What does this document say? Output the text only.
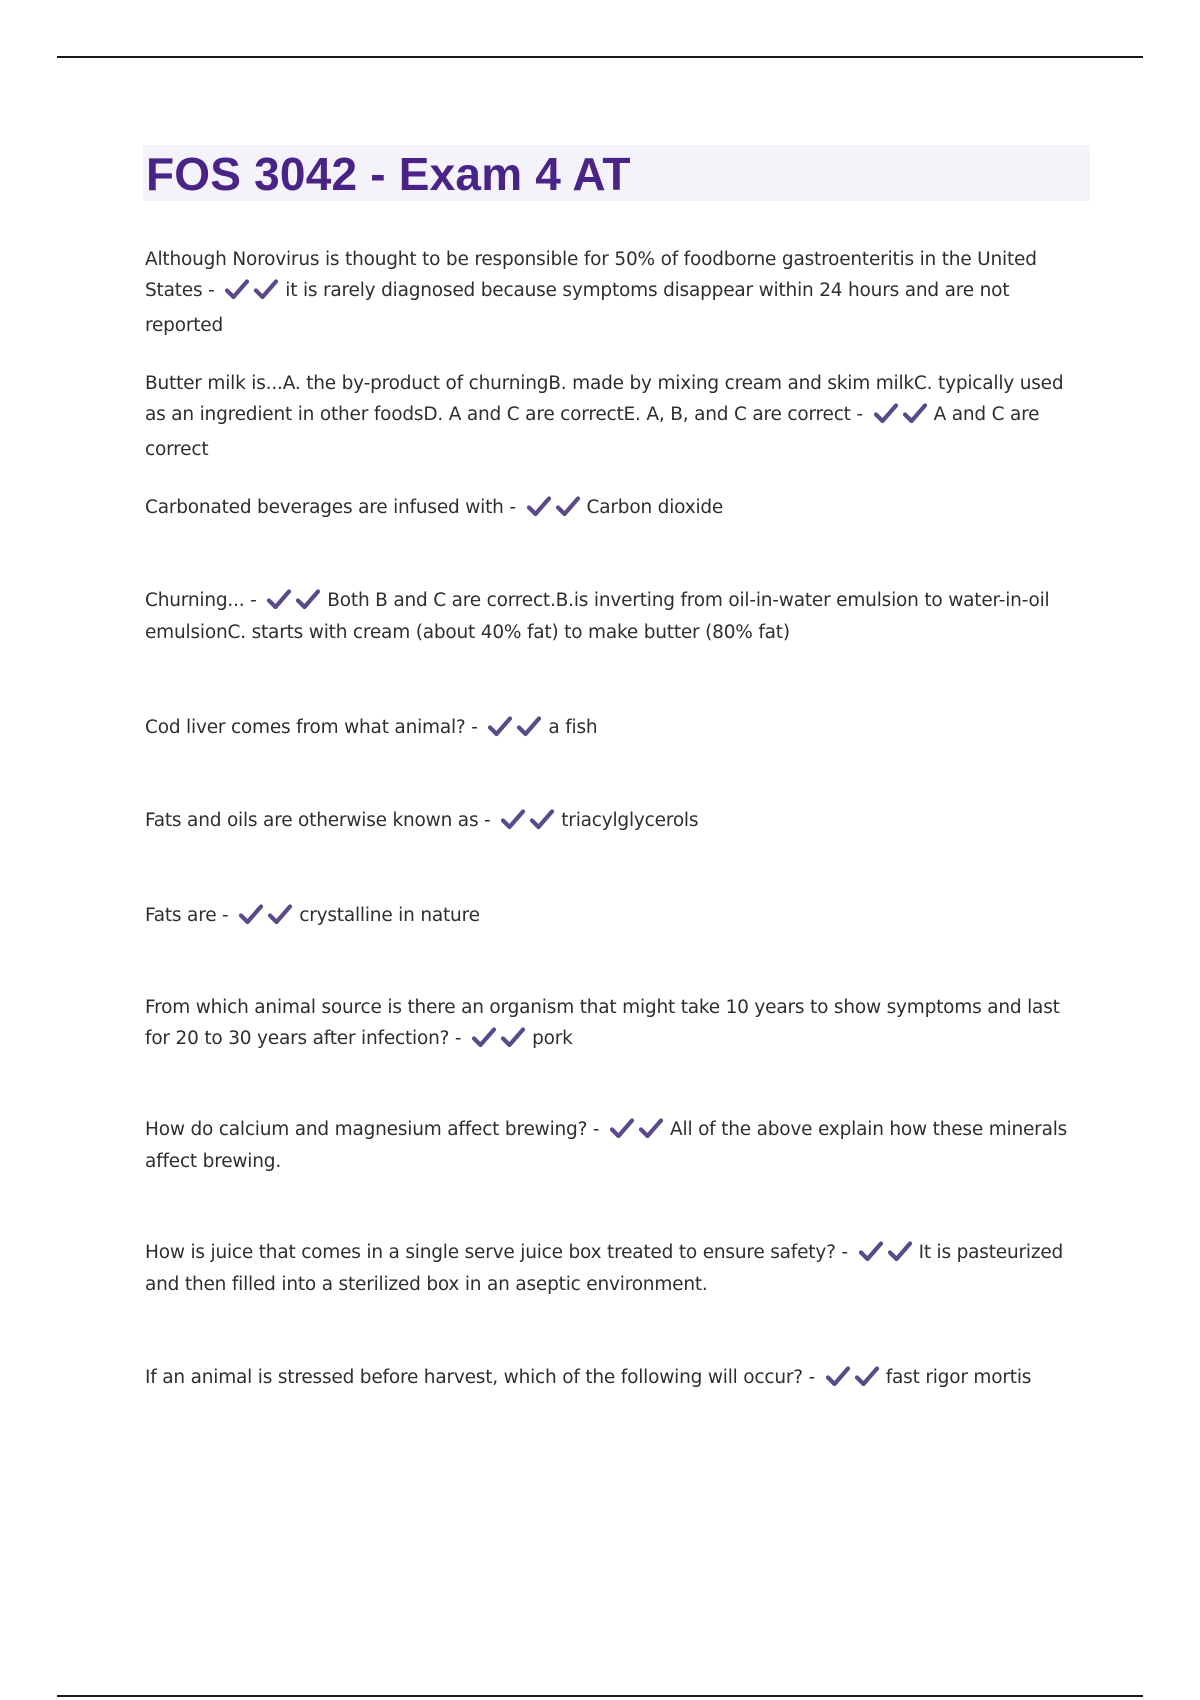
FOS 3042 - Exam 4 AT

Although Norovirus is thought to be responsible for 50% of foodborne gastroenteritis in the United States -	it is rarely diagnosed because symptoms disappear within 24 hours and are not reported

Butter milk is...A. the by-product of churningB. made by mixing cream and skim milkC. typically used as an ingredient in other foodsD. A and C are correctE. A, B, and C are correct -	A and C are correct

Carbonated beverages are infused with -	Carbon dioxide

Churning... -	Both B and C are correct.B.is inverting from oil-in-water emulsion to water-in-oil emulsionC. starts with cream (about 40% fat) to make butter (80% fat)

Cod liver comes from what animal? -	a fish

Fats and oils are otherwise known as -	triacylglycerols

Fats are -	crystalline in nature

From which animal source is there an organism that might take 10 years to show symptoms and last for 20 to 30 years after infection? -	pork

How do calcium and magnesium affect brewing? -	All of the above explain how these minerals affect brewing.

How is juice that comes in a single serve juice box treated to ensure safety? -	It is pasteurized and then filled into a sterilized box in an aseptic environment.

If an animal is stressed before harvest, which of the following will occur? -	fast rigor mortis
